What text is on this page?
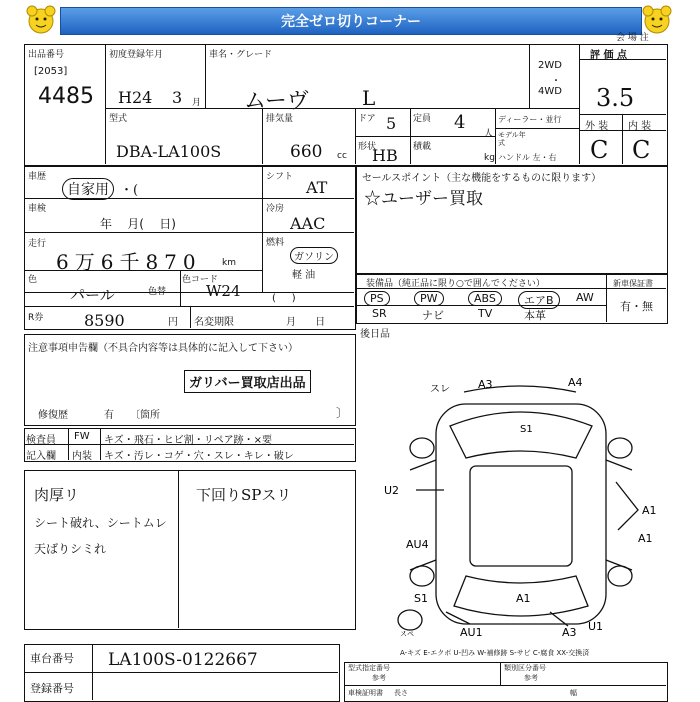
完全ゼロ切りコーナー
出品番号
[2053]
4485
初度登録年月
H24 3 月
車名・グレード
ムーヴ	L
2WD
・
4WD
評 価 点
会 場 注
3.5
外 装 内 装
C C
型式
DBA-LA100S
排気量
660 cc
ドア 5 定員 4
人
形状
HB 積載
kg
ディーラー・並行
モデル年式
ハンドル 左・右
車歴
自家用 ・(
車検
年    月(    日)
走行
6万6千870 km
色
パール	色替
色コード
W24
シフト
AT
冷房
AAC
燃料
ガソリン
軽 油
(     )
R券	8590	円 名変期限	月      日
セールスポイント（主な機能をするものに限ります）
☆ユーザー買取
装備品（純正品に限り○で囲んでください）	新車保証書
有・無
PS	PW	ABS	エアB	AW
SR	ナビ	TV	本革
後日品
注意事項申告欄（不具合内容等は具体的に記入して下さい）
ガリバー買取店出品
修復歴	有 〔箇所	〕
検査員
記入欄
FW キズ・飛石・ヒビ割・リペア跡・×要
内装 キズ・汚レ・コゲ・穴・スレ・キレ・破レ
肉厚リ
シート破れ、シートムレ
天ばりシミれ
下回りSPスリ
スレ	A3	A4
S1
U2
A1
A1
AU4
S1	A1
AU1	A3 U1
スペ
A-キズ E-エクボ U-凹み W-補修跡 S-サビ C-腐食 XX-交換済
車台番号 LA100S-0122667
登録番号
型式指定番号
参考
類別区分番号
参考
車検証明書 長さ	幅
